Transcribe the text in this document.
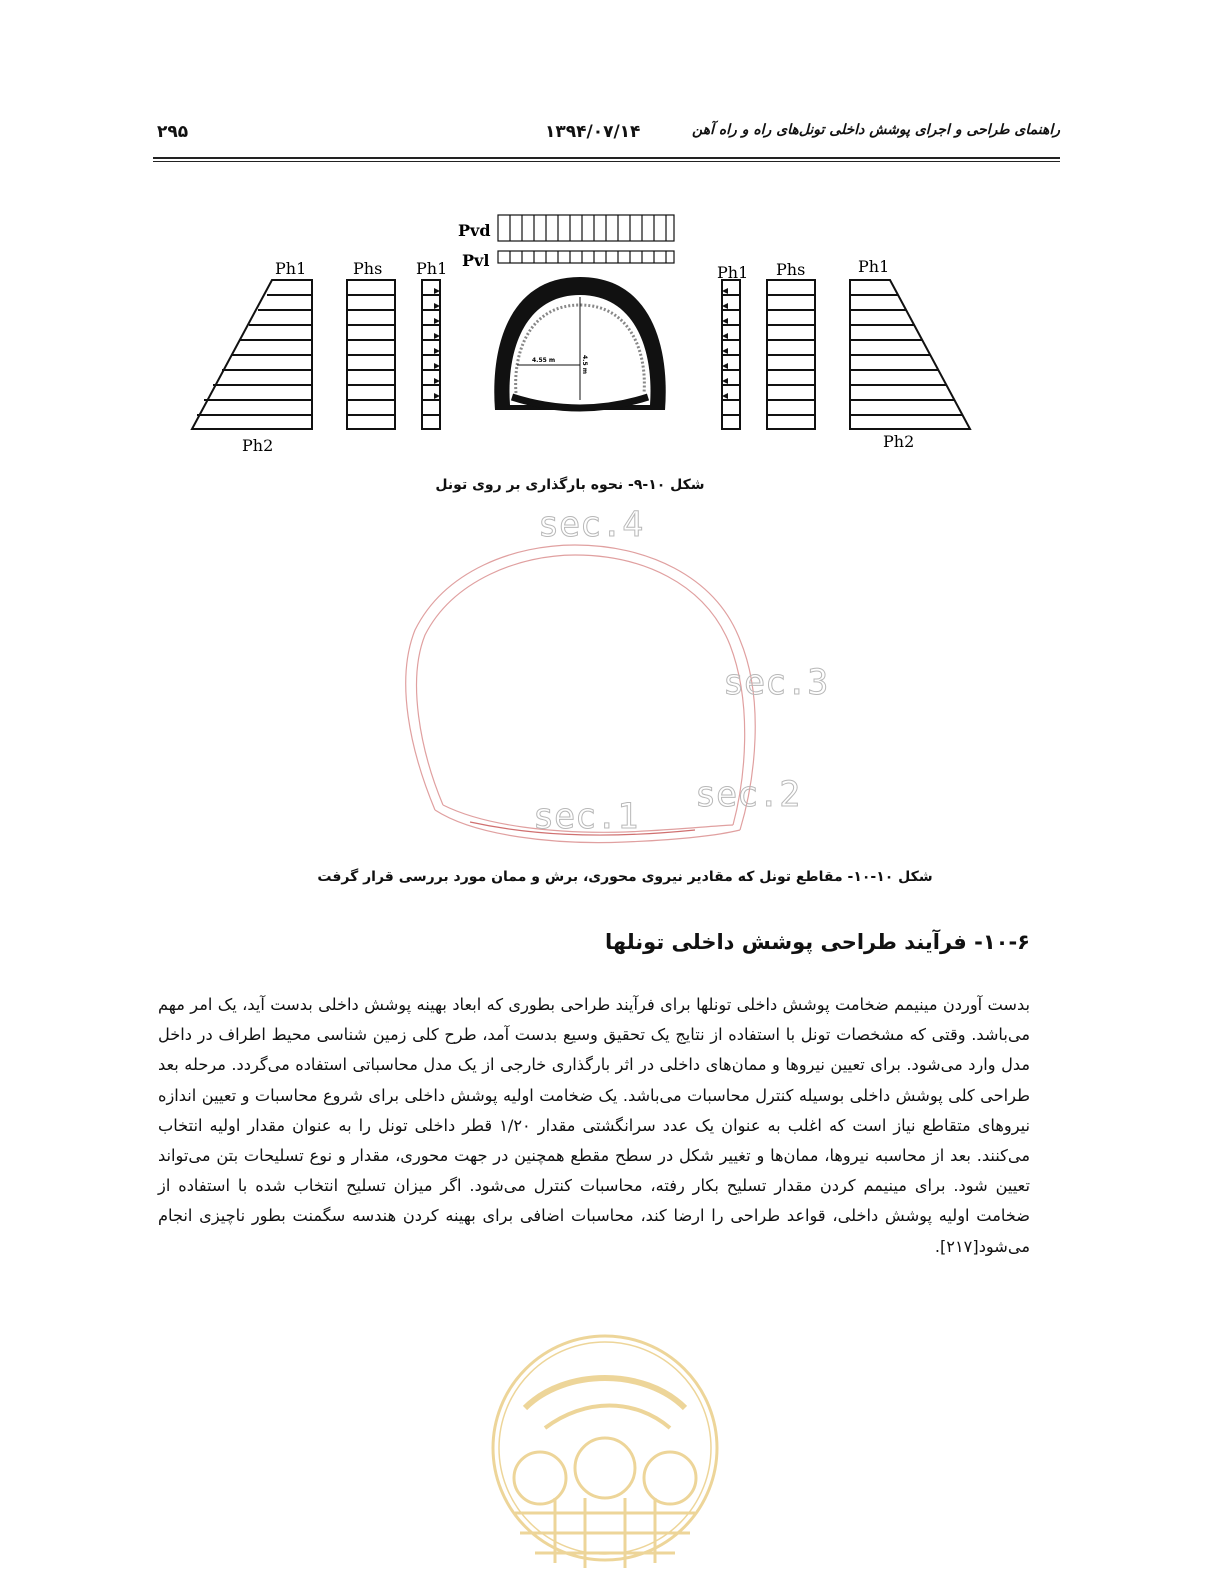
۲۹۵	۱۳۹۴/۰۷/۱۴	راهنمای طراحی و اجرای پوشش داخلی تونل‌های راه و راه آهن
Ph1
Ph2
Phs Ph1
Pvd
Pvl
4.55 m	4.5 m
Ph1 Phs	Ph1
Ph2
شکل ۱۰-۹- نحوه بارگذاری بر روی تونل
sec.4
sec.3
sec.2
sec.1
شکل ۱۰-۱۰- مقاطع تونل که مقادیر نیروی محوری، برش و ممان مورد بررسی قرار گرفت
۱۰-۶- فرآیند طراحی پوشش داخلی تونلها

بدست آوردن مینیمم ضخامت پوشش داخلی تونلها برای فرآیند طراحی بطوری که ابعاد بهینه پوشش داخلی بدست آید، یک امر مهم می‌باشد. وقتی که مشخصات تونل با استفاده از نتایج یک تحقیق وسیع بدست آمد، طرح کلی زمین شناسی محیط اطراف در داخل مدل وارد می‌شود. برای تعیین نیروها و ممان‌های داخلی در اثر بارگذاری خارجی از یک مدل محاسباتی استفاده می‌گردد. مرحله بعد طراحی کلی پوشش داخلی بوسیله کنترل محاسبات می‌باشد. یک ضخامت اولیه پوشش داخلی برای شروع محاسبات و تعیین اندازه نیروهای متقاطع نیاز است که اغلب به عنوان یک عدد سرانگشتی مقدار ۱/۲۰ قطر داخلی تونل را به عنوان مقدار اولیه انتخاب می‌کنند. بعد از محاسبه نیروها، ممان‌ها و تغییر شکل در سطح مقطع همچنین در جهت محوری، مقدار و نوع تسلیحات بتن می‌تواند تعیین شود. برای مینیمم کردن مقدار تسلیح بکار رفته، محاسبات کنترل می‌شود. اگر میزان تسلیح انتخاب شده با استفاده از ضخامت اولیه پوشش داخلی، قواعد طراحی را ارضا کند، محاسبات اضافی برای بهینه کردن هندسه سگمنت بطور ناچیزی انجام می‌شود[۲۱۷].
